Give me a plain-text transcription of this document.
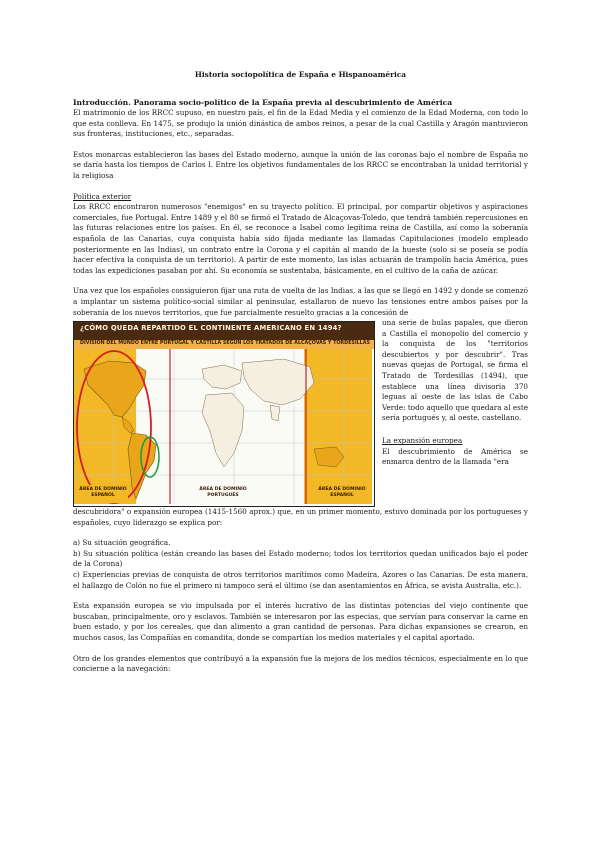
Historia sociopolítica de España e Hispanoamérica
Introducción. Panorama socio-político de la España previa al descubrimiento de América

El matrimonio de los RRCC supuso, en nuestro país, el fin de la Edad Media y el comienzo de la Edad Moderna, con todo lo que esta conlleva. En 1475, se produjo la unión dinástica de ambos reinos, a pesar de la cual Castilla y Aragón mantuvieron sus fronteras, instituciones, etc., separadas.

Estos monarcas establecieron las bases del Estado moderno, aunque la unión de las coronas bajo el nombre de España no se daría hasta los tiempos de Carlos I. Entre los objetivos fundamentales de los RRCC se encontraban la unidad territorial y la religiosa

Política exterior

Los RRCC encontraron numerosos "enemigos" en su trayecto político. El principal, por compartir objetivos y aspiraciones comerciales, fue Portugal. Entre 1489 y el 80 se firmó el Tratado de Alcaçovas-Toledo, que tendrá también repercusiones en las futuras relaciones entre los países. En él, se reconoce a Isabel como legítima reina de Castilla, así como la soberanía española de las Canarias, cuya conquista había sido fijada mediante las llamadas Capitulaciones (modelo empleado posteriormente en las Indias), un contrato entre la Corona y el capitán al mando de la hueste (solo si se poseía se podía hacer efectiva la conquista de un territorio). A partir de este momento, las islas actuarán de trampolín hacia América, pues todas las expediciones pasaban por ahí. Su economía se sustentaba, básicamente, en el cultivo de la caña de azúcar.

Una vez que los españoles consiguieron fijar una ruta de vuelta de las Indias, a las que se llegó en 1492 y donde se comenzó a implantar un sistema político-social similar al peninsular, estallaron de nuevo las tensiones entre ambos países por la soberanía de los nuevos territorios, que fue parcialmente resuelto gracias a la concesión de

¿CÓMO QUEDA REPARTIDO EL CONTINENTE AMERICANO EN 1494?
DIVISIÓN DEL MUNDO ENTRE PORTUGAL Y CASTILLA SEGÚN LOS TRATADOS DE ALCAÇOVAS Y TORDESILLAS
ÁREA DE DOMINIO ESPAÑOL
ÁREA DE DOMINIO PORTUGUÉS
ÁREA DE DOMINIO ESPAÑOL

una serie de bulas papales, que dieron a Castilla el monopolio del comercio y la conquista de los "territorios descubiertos y por descubrir". Tras nuevas quejas de Portugal, se firma el Tratado de Tordesillas (1494), que establece una línea divisoria 370 leguas al oeste de las islas de Cabo Verde: todo aquello que quedara al este sería portugués y, al oeste, castellano.

La expansión europea

El descubrimiento de América se enmarca dentro de la llamada "era

descubridora" o expansión europea (1415-1560 aprox.) que, en un primer momento, estuvo dominada por los portugueses y españoles, cuyo liderazgo se explica por:

a) Su situación geográfica.

b) Su situación política (están creando las bases del Estado moderno; todos los territorios quedan unificados bajo el poder de la Corona)

c) Experiencias previas de conquista de otros territorios marítimos como Madeira, Azores o las Canarias. De esta manera, el hallazgo de Colón no fue el primero ni tampoco será el último (se dan asentamientos en África, se avista Australia, etc.).

Esta expansión europea se vio impulsada por el interés lucrativo de las distintas potencias del viejo continente que buscaban, principalmente, oro y esclavos. También se interesaron por las especias, que servían para conservar la carne en buen estado, y por los cereales, que dan alimento a gran cantidad de personas. Para dichas expansiones se crearon, en muchos casos, las Compañías en comandita, donde se compartían los medios materiales y el capital aportado.

Otro de los grandes elementos que contribuyó a la expansión fue la mejora de los medios técnicos, especialmente en lo que concierne a la navegación:
